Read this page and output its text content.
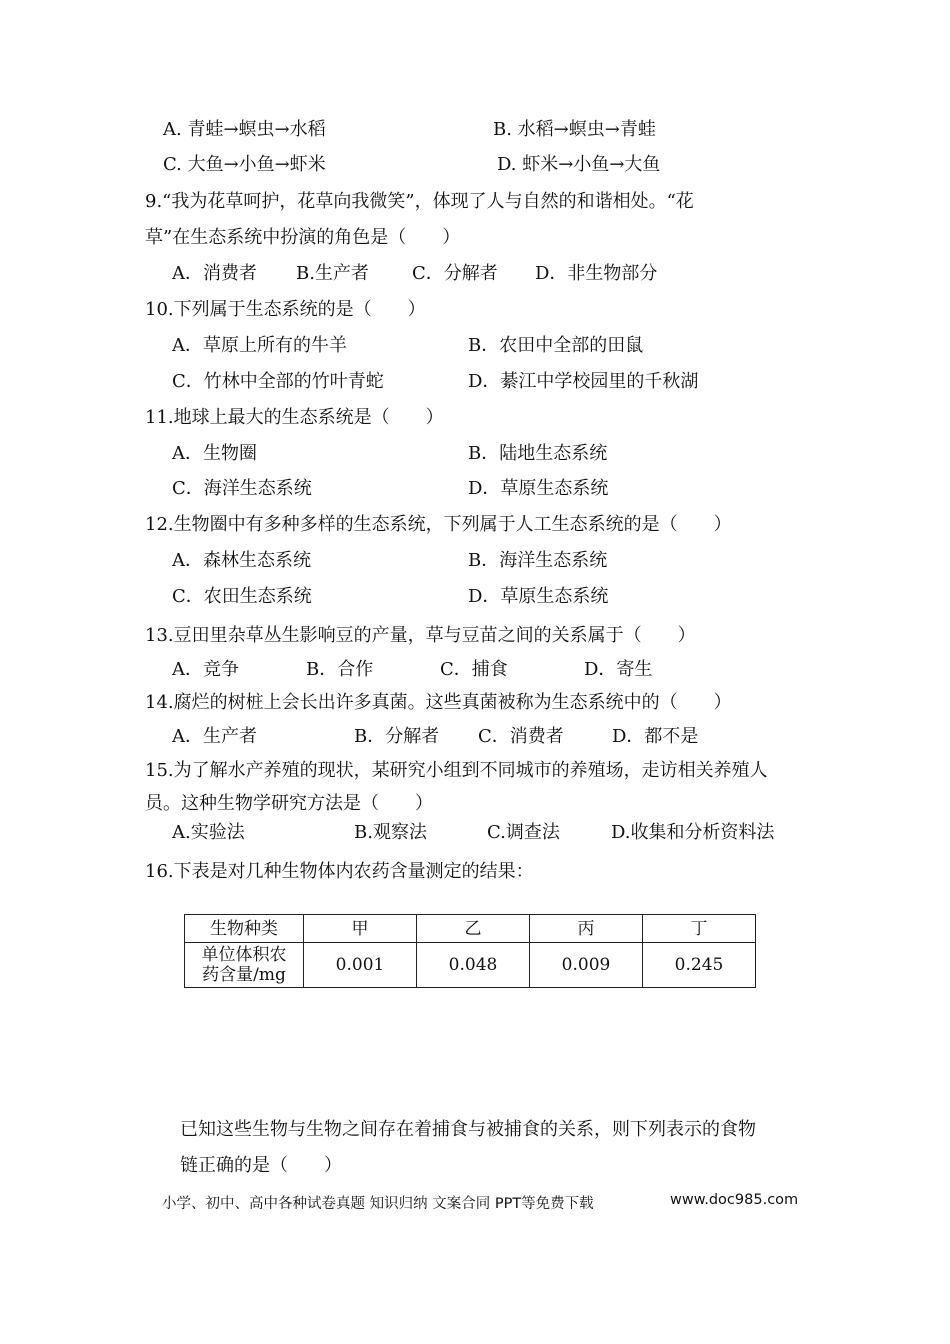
A. 青蛙→螟虫→水稻	B. 水稻→螟虫→青蛙
C. 大鱼→小鱼→虾米	D. 虾米→小鱼→大鱼
9.“我为花草呵护，花草向我微笑”，体现了人与自然的和谐相处。“花
草”在生态系统中扮演的角色是（　　）
A．消费者 B.生产者 C．分解者 D．非生物部分
10.下列属于生态系统的是（　　）
A．草原上所有的牛羊	B．农田中全部的田鼠
C．竹林中全部的竹叶青蛇	D．綦江中学校园里的千秋湖
11.地球上最大的生态系统是（　　）
A．生物圈	B．陆地生态系统
C．海洋生态系统	D．草原生态系统
12.生物圈中有多种多样的生态系统，下列属于人工生态系统的是（　　）
A．森林生态系统	B．海洋生态系统
C．农田生态系统	D．草原生态系统
13.豆田里杂草丛生影响豆的产量，草与豆苗之间的关系属于（　　）
A．竞争	B．合作	C．捕食	D．寄生
14.腐烂的树桩上会长出许多真菌。这些真菌被称为生态系统中的（　　）
A．生产者	B．分解者 C．消费者	D．都不是
15.为了解水产养殖的现状，某研究小组到不同城市的养殖场，走访相关养殖人
员。这种生物学研究方法是（　　）
A.实验法	B.观察法	C.调查法	D.收集和分析资料法
16.下表是对几种生物体内农药含量测定的结果：
生物种类	甲	乙	丙	丁

单位体积农
药含量/mg	0.001	0.048	0.009	0.245
已知这些生物与生物之间存在着捕食与被捕食的关系，则下列表示的食物
链正确的是（　　）
小学、初中、高中各种试卷真题 知识归纳 文案合同 PPT等免费下载	www.doc985.com
